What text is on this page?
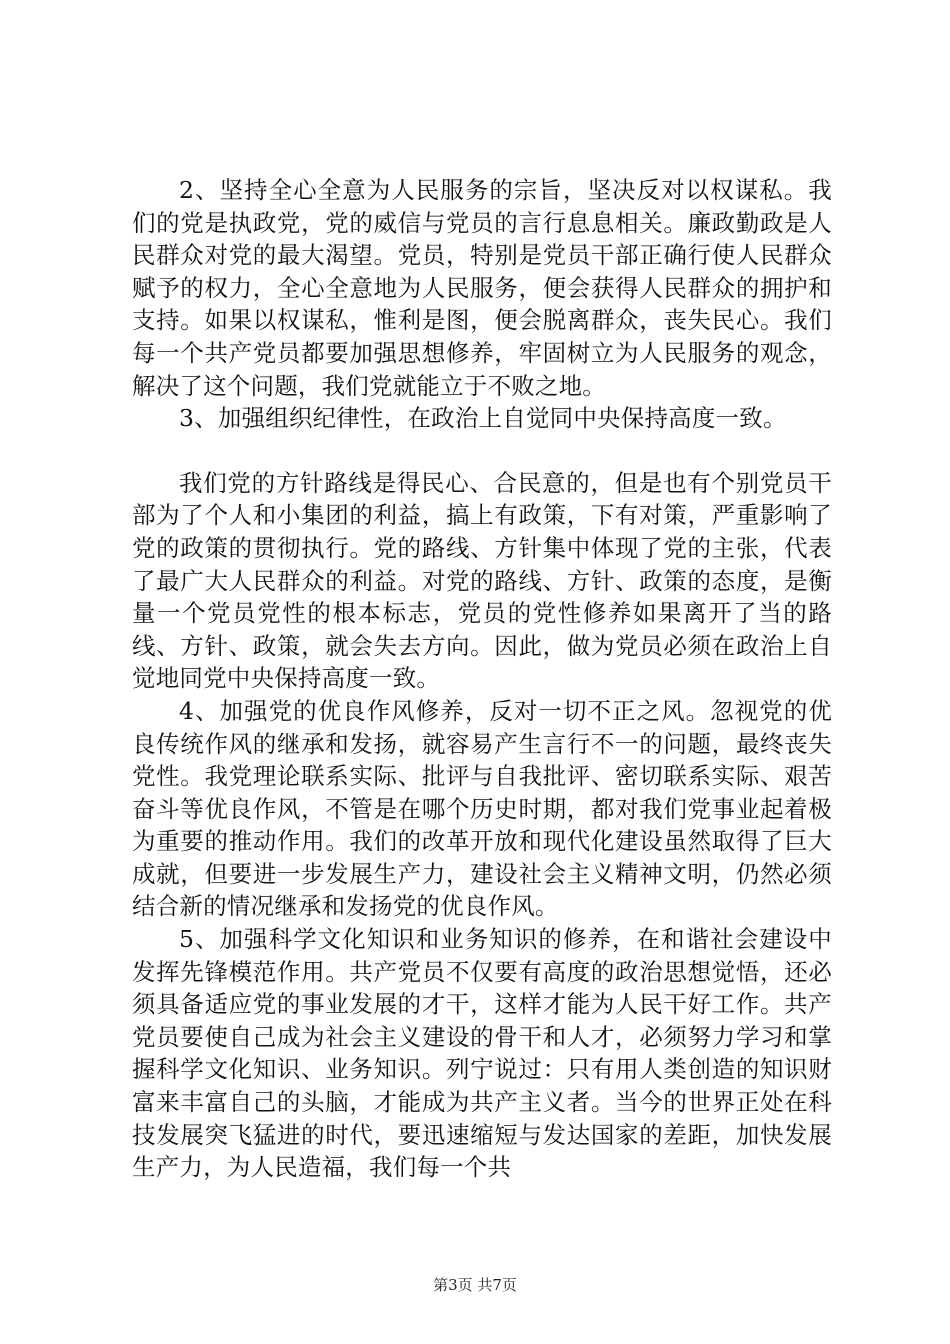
2、坚持全心全意为人民服务的宗旨，坚决反对以权谋私。我们的党是执政党，党的威信与党员的言行息息相关。廉政勤政是人民群众对党的最大渴望。党员，特别是党员干部正确行使人民群众赋予的权力，全心全意地为人民服务，便会获得人民群众的拥护和支持。如果以权谋私，惟利是图，便会脱离群众，丧失民心。我们每一个共产党员都要加强思想修养，牢固树立为人民服务的观念，解决了这个问题，我们党就能立于不败之地。

3、加强组织纪律性，在政治上自觉同中央保持高度一致。

我们党的方针路线是得民心、合民意的，但是也有个别党员干部为了个人和小集团的利益，搞上有政策，下有对策，严重影响了党的政策的贯彻执行。党的路线、方针集中体现了党的主张，代表了最广大人民群众的利益。对党的路线、方针、政策的态度，是衡量一个党员党性的根本标志，党员的党性修养如果离开了当的路线、方针、政策，就会失去方向。因此，做为党员必须在政治上自觉地同党中央保持高度一致。

4、加强党的优良作风修养，反对一切不正之风。忽视党的优良传统作风的继承和发扬，就容易产生言行不一的问题，最终丧失党性。我党理论联系实际、批评与自我批评、密切联系实际、艰苦奋斗等优良作风，不管是在哪个历史时期，都对我们党事业起着极为重要的推动作用。我们的改革开放和现代化建设虽然取得了巨大成就，但要进一步发展生产力，建设社会主义精神文明，仍然必须结合新的情况继承和发扬党的优良作风。

5、加强科学文化知识和业务知识的修养，在和谐社会建设中发挥先锋模范作用。共产党员不仅要有高度的政治思想觉悟，还必须具备适应党的事业发展的才干，这样才能为人民干好工作。共产党员要使自己成为社会主义建设的骨干和人才，必须努力学习和掌握科学文化知识、业务知识。列宁说过：只有用人类创造的知识财富来丰富自己的头脑，才能成为共产主义者。当今的世界正处在科技发展突飞猛进的时代，要迅速缩短与发达国家的差距，加快发展生产力，为人民造福，我们每一个共

第3页 共7页
